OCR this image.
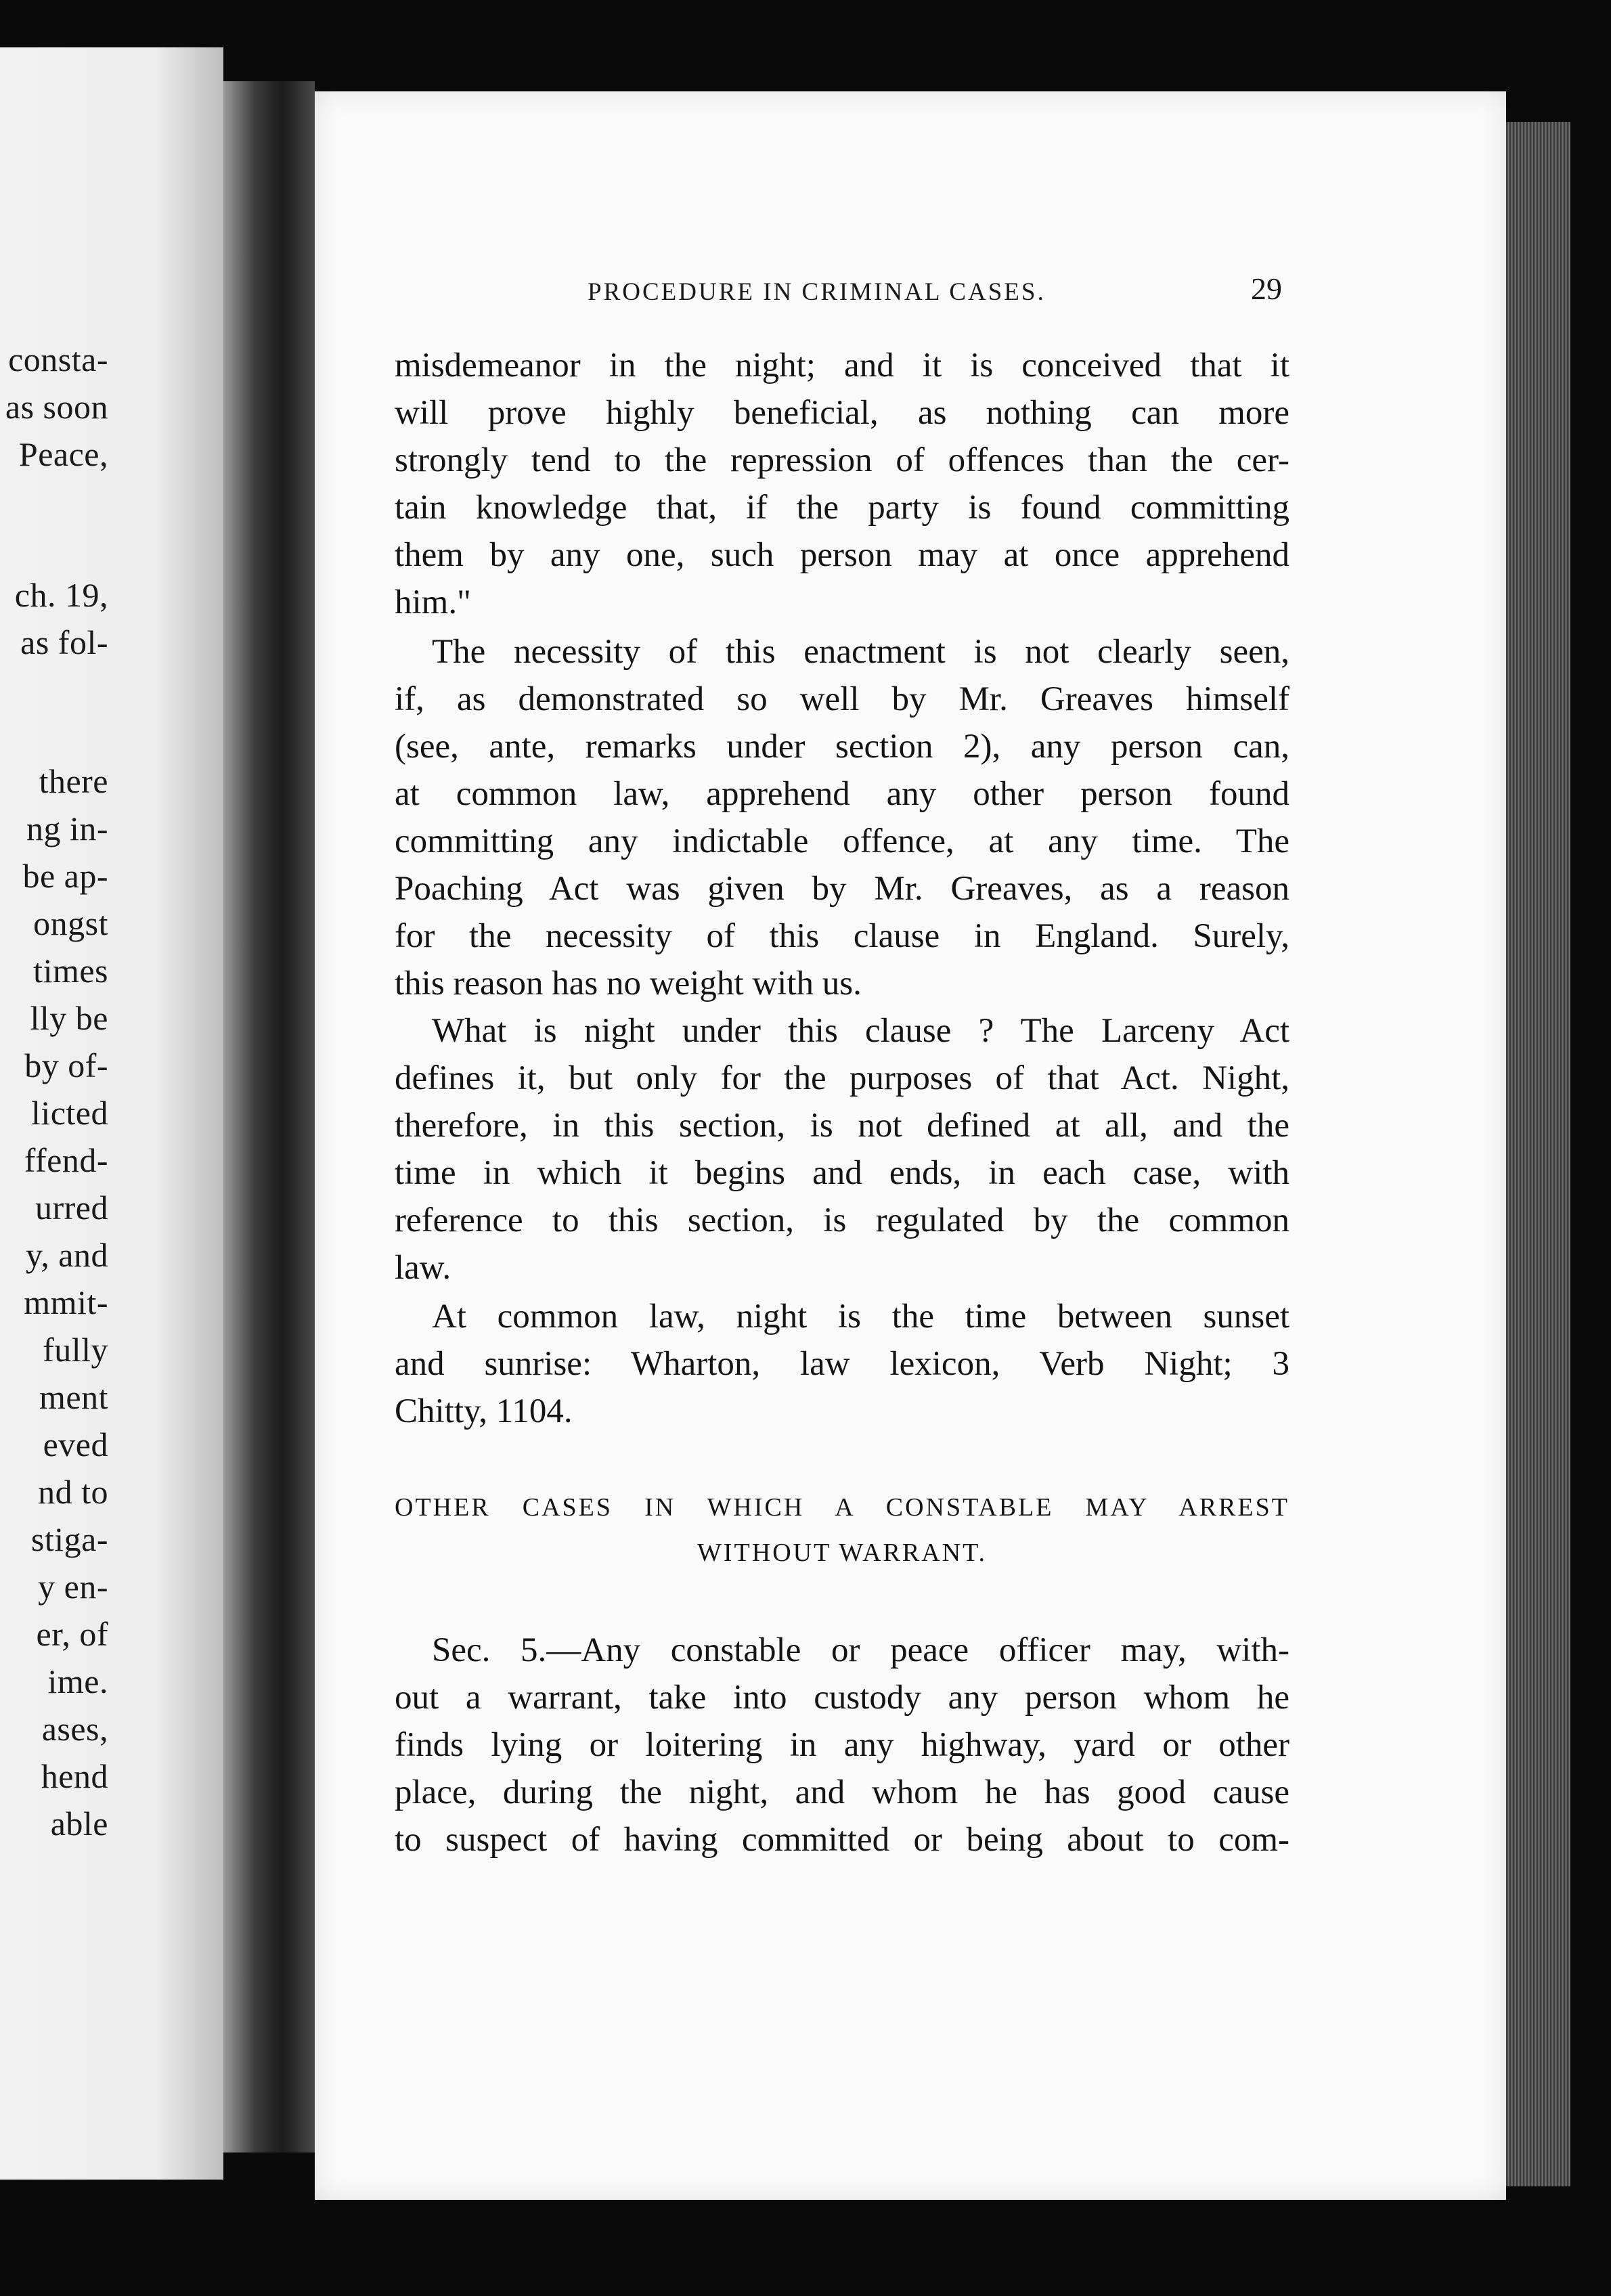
consta-
as soon
Peace,
ch. 19,
as fol-
there
ng in-
be ap-
ongst
times
lly be
by of-
licted
ffend-
urred
y, and
mmit-
fully
ment
eved
nd to
stiga-
y en-
er, of
ime.
ases,
hend
able
PROCEDURE IN CRIMINAL CASES.	29
misdemeanor in the night; and it is conceived that it
will prove highly beneficial, as nothing can more
strongly tend to the repression of offences than the cer-
tain knowledge that, if the party is found committing
them by any one, such person may at once apprehend
him."
The necessity of this enactment is not clearly seen,
if, as demonstrated so well by Mr. Greaves himself
(see, ante, remarks under section 2), any person can,
at common law, apprehend any other person found
committing any indictable offence, at any time. The
Poaching Act was given by Mr. Greaves, as a reason
for the necessity of this clause in England. Surely,
this reason has no weight with us.
What is night under this clause ? The Larceny Act
defines it, but only for the purposes of that Act. Night,
therefore, in this section, is not defined at all, and the
time in which it begins and ends, in each case, with
reference to this section, is regulated by the common
law.
At common law, night is the time between sunset
and sunrise: Wharton, law lexicon, Verb Night; 3
Chitty, 1104.
OTHER CASES IN WHICH A CONSTABLE MAY ARREST
WITHOUT WARRANT.
Sec. 5.—Any constable or peace officer may, with-
out a warrant, take into custody any person whom he
finds lying or loitering in any highway, yard or other
place, during the night, and whom he has good cause
to suspect of having committed or being about to com-
